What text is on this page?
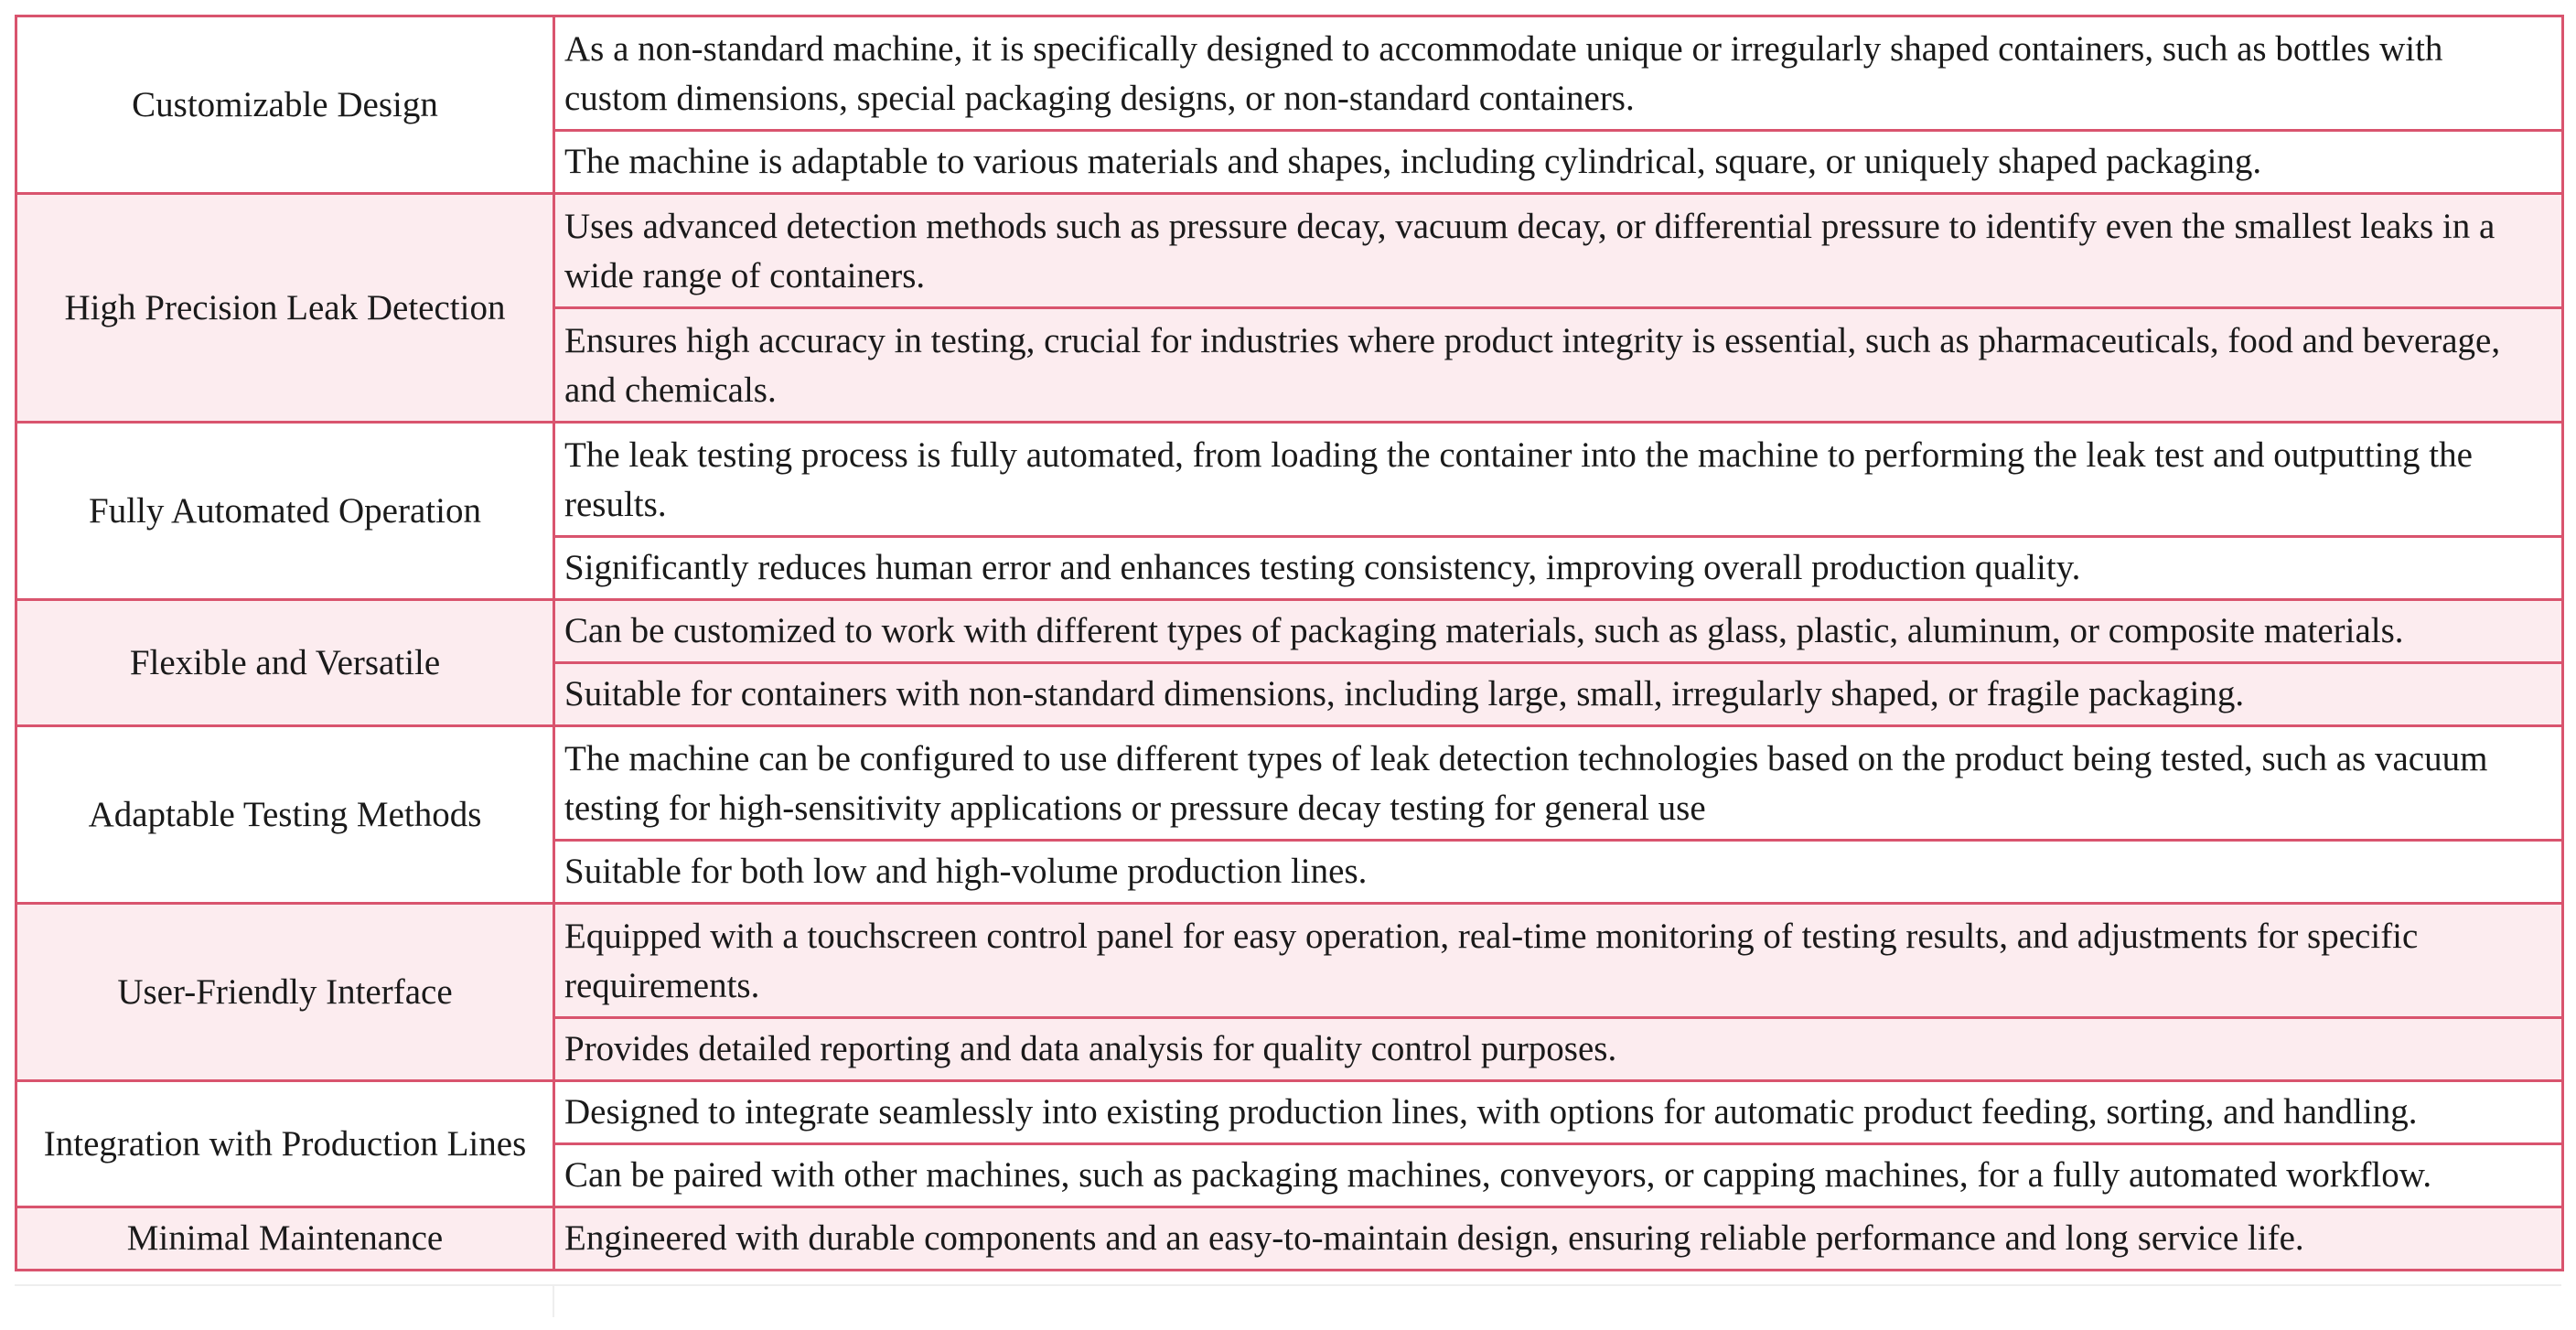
Customizable Design	As a non-standard machine, it is specifically designed to accommodate unique or irregularly shaped containers, such as bottles with custom dimensions, special packaging designs, or non-standard containers.
	The machine is adaptable to various materials and shapes, including cylindrical, square, or uniquely shaped packaging.
High Precision Leak Detection	Uses advanced detection methods such as pressure decay, vacuum decay, or differential pressure to identify even the smallest leaks in a wide range of containers.
	Ensures high accuracy in testing, crucial for industries where product integrity is essential, such as pharmaceuticals, food and beverage, and chemicals.
Fully Automated Operation	The leak testing process is fully automated, from loading the container into the machine to performing the leak test and outputting the results.
	Significantly reduces human error and enhances testing consistency, improving overall production quality.
Flexible and Versatile	Can be customized to work with different types of packaging materials, such as glass, plastic, aluminum, or composite materials.
	Suitable for containers with non-standard dimensions, including large, small, irregularly shaped, or fragile packaging.
Adaptable Testing Methods	The machine can be configured to use different types of leak detection technologies based on the product being tested, such as vacuum testing for high-sensitivity applications or pressure decay testing for general use
	Suitable for both low and high-volume production lines.
User-Friendly Interface	Equipped with a touchscreen control panel for easy operation, real-time monitoring of testing results, and adjustments for specific requirements.
	Provides detailed reporting and data analysis for quality control purposes.
Integration with Production Lines	Designed to integrate seamlessly into existing production lines, with options for automatic product feeding, sorting, and handling.
	Can be paired with other machines, such as packaging machines, conveyors, or capping machines, for a fully automated workflow.
Minimal Maintenance	Engineered with durable components and an easy-to-maintain design, ensuring reliable performance and long service life.
